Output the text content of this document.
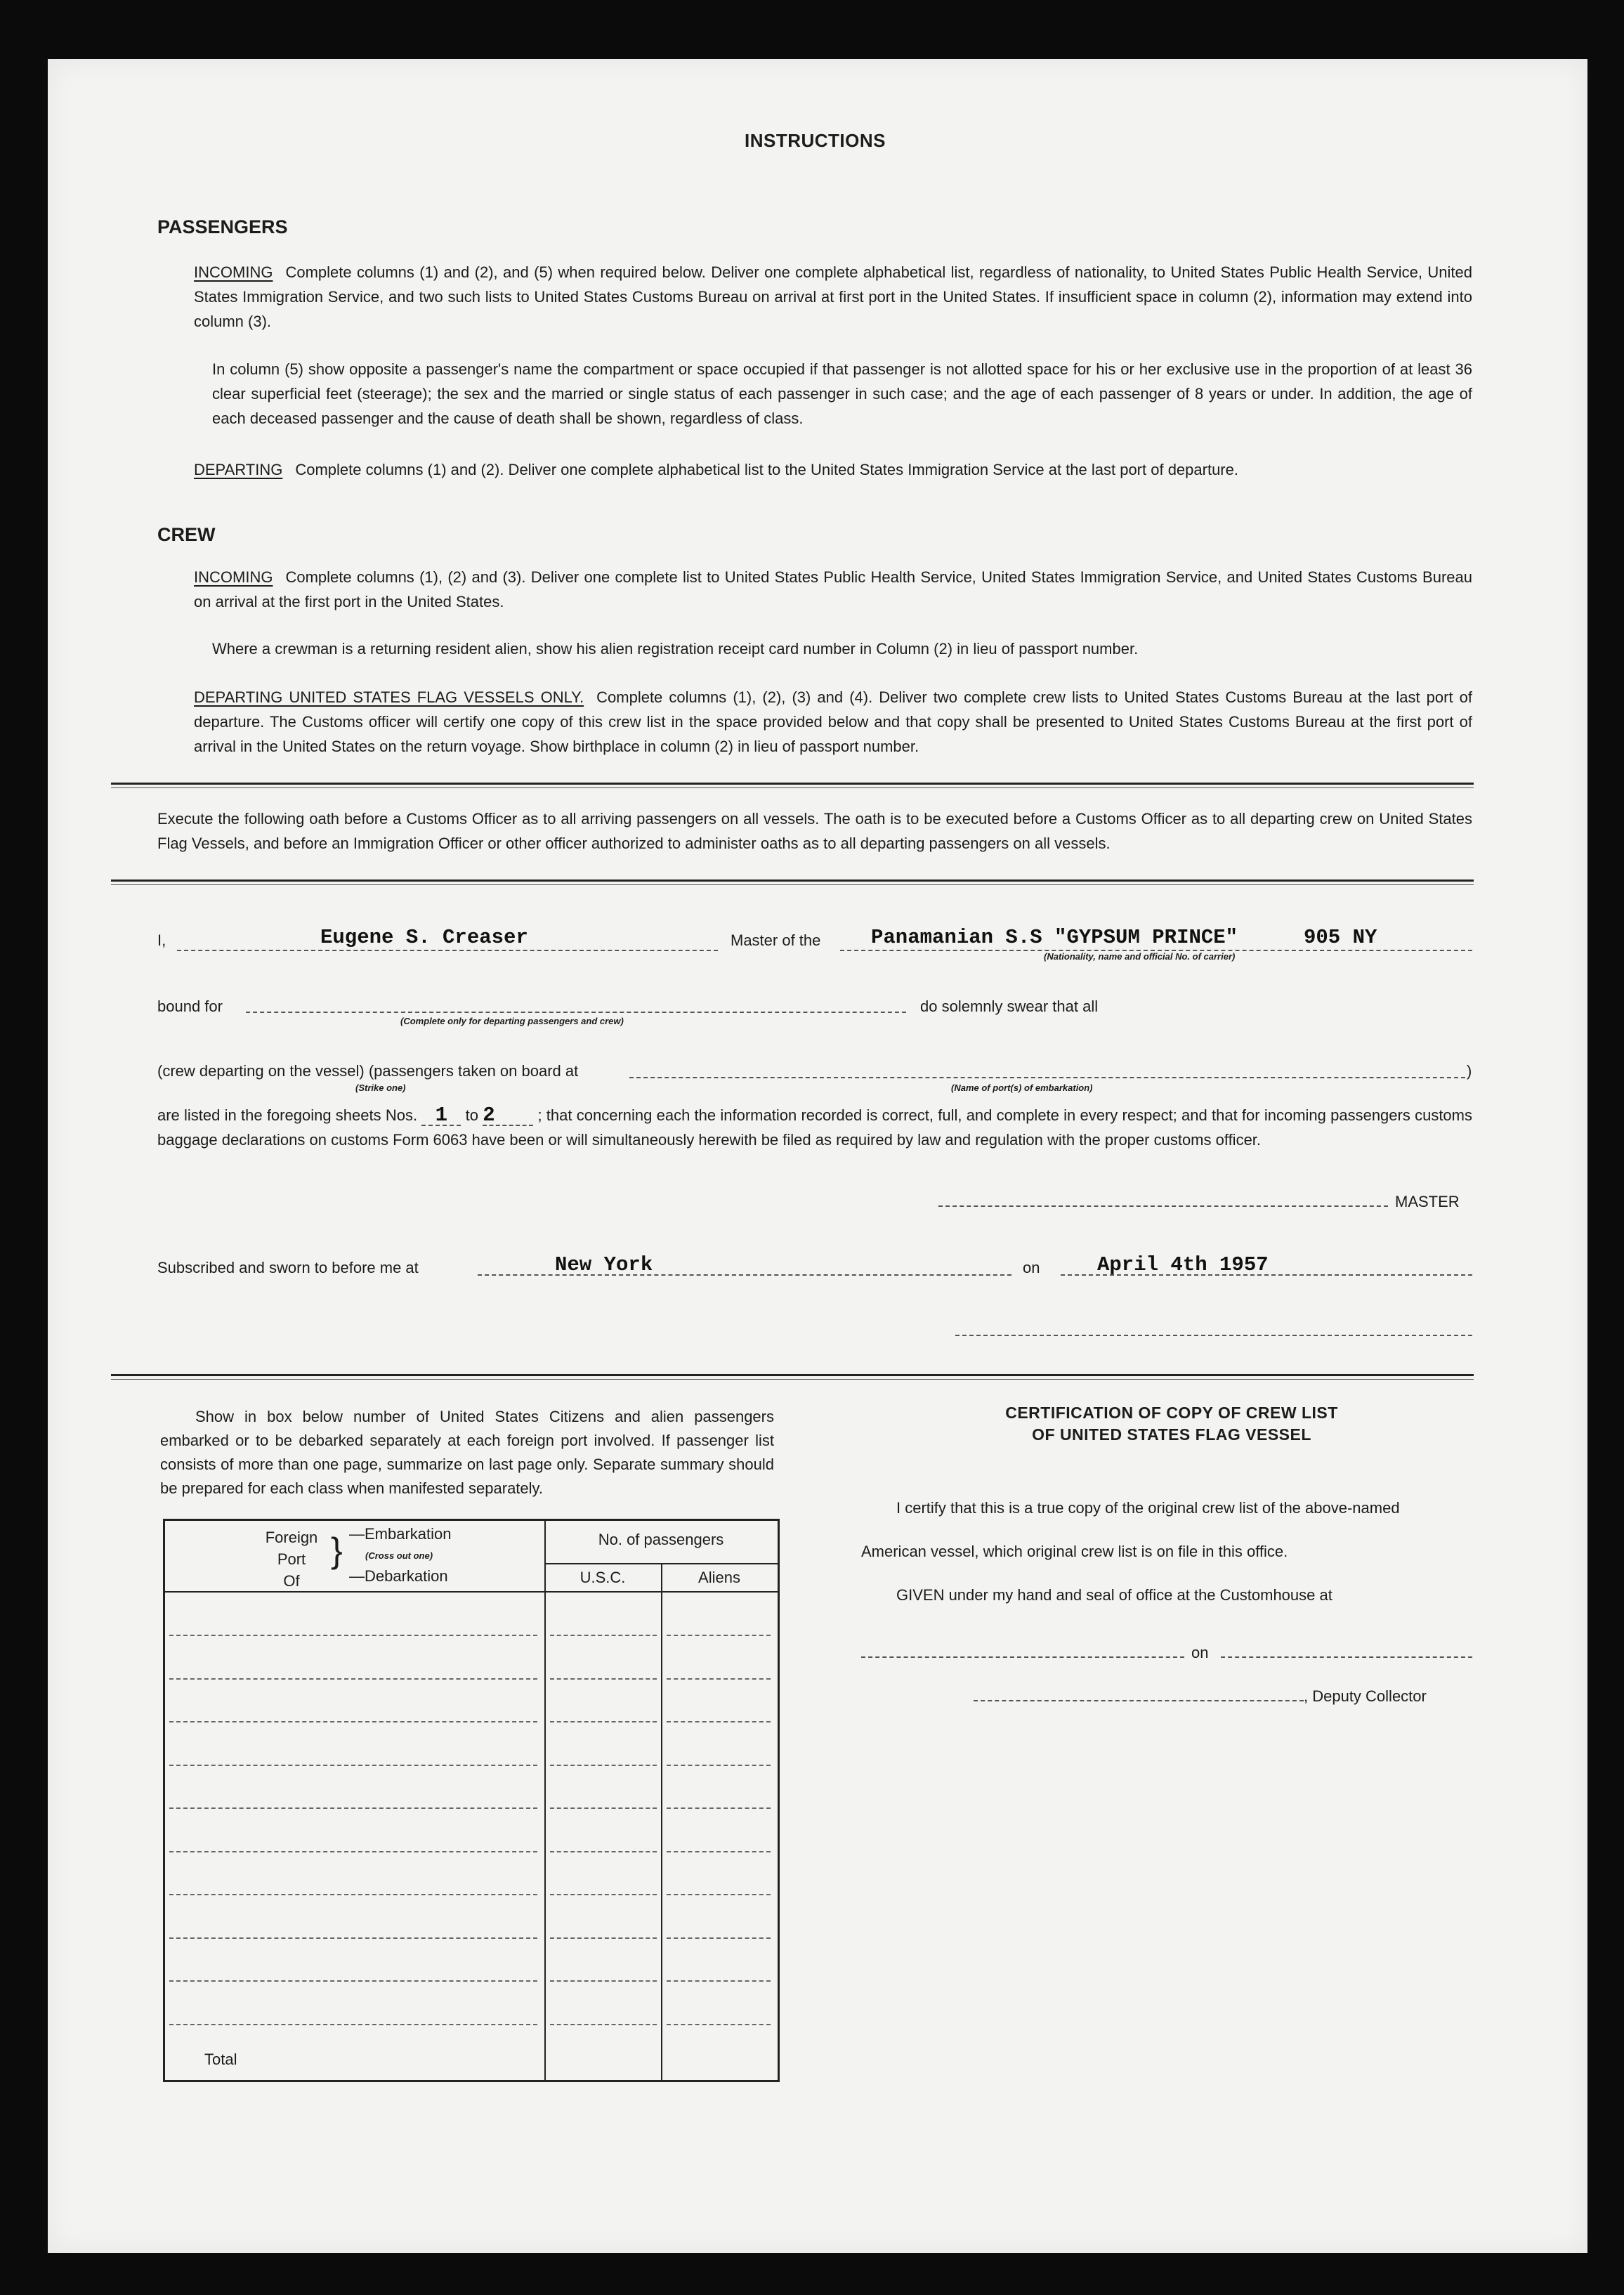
INSTRUCTIONS
PASSENGERS
INCOMING Complete columns (1) and (2), and (5) when required below. Deliver one complete alphabetical list, regardless of nationality, to United States Public Health Service, United States Immigration Service, and two such lists to United States Customs Bureau on arrival at first port in the United States. If insufficient space in column (2), information may extend into column (3).
In column (5) show opposite a passenger's name the compartment or space occupied if that passenger is not allotted space for his or her exclusive use in the proportion of at least 36 clear superficial feet (steerage); the sex and the married or single status of each passenger in such case; and the age of each passenger of 8 years or under. In addition, the age of each deceased passenger and the cause of death shall be shown, regardless of class.
DEPARTING Complete columns (1) and (2). Deliver one complete alphabetical list to the United States Immigration Service at the last port of departure.
CREW
INCOMING Complete columns (1), (2) and (3). Deliver one complete list to United States Public Health Service, United States Immigration Service, and United States Customs Bureau on arrival at the first port in the United States.
Where a crewman is a returning resident alien, show his alien registration receipt card number in Column (2) in lieu of passport number.
DEPARTING UNITED STATES FLAG VESSELS ONLY. Complete columns (1), (2), (3) and (4). Deliver two complete crew lists to United States Customs Bureau at the last port of departure. The Customs officer will certify one copy of this crew list in the space provided below and that copy shall be presented to United States Customs Bureau at the first port of arrival in the United States on the return voyage. Show birthplace in column (2) in lieu of passport number.
Execute the following oath before a Customs Officer as to all arriving passengers on all vessels. The oath is to be executed before a Customs Officer as to all departing crew on United States Flag Vessels, and before an Immigration Officer or other officer authorized to administer oaths as to all departing passengers on all vessels.
I,	Eugene S. Creaser	Master of the Panamanian S.S "GYPSUM PRINCE"	905 NY
(Nationality, name and official No. of carrier)
bound for
(Complete only for departing passengers and crew)
do solemnly swear that all
(crew departing on the vessel) (passengers taken on board at
(Strike one)	(Name of port(s) of embarkation)
)
are listed in the foregoing sheets Nos. 1 to 2	; that concerning each the information recorded is correct, full, and complete in every respect; and that for incoming passengers customs baggage declarations on customs Form 6063 have been or will simultaneously herewith be filed as required by law and regulation with the proper customs officer.
MASTER
Subscribed and sworn to before me at	New York	on	April 4th 1957
Show in box below number of United States Citizens and alien passengers embarked or to be debarked separately at each foreign port involved. If passenger list consists of more than one page, summarize on last page only. Separate summary should be prepared for each class when manifested separately.
Foreign
Port
Of
} —Embarkation
(Cross out one)
—Debarkation
No. of passengers
U.S.C.	Aliens
Total
CERTIFICATION OF COPY OF CREW LIST
OF UNITED STATES FLAG VESSEL
I certify that this is a true copy of the original crew list of the above-named
American vessel, which original crew list is on file in this office.
GIVEN under my hand and seal of office at the Customhouse at
on
, Deputy Collector
